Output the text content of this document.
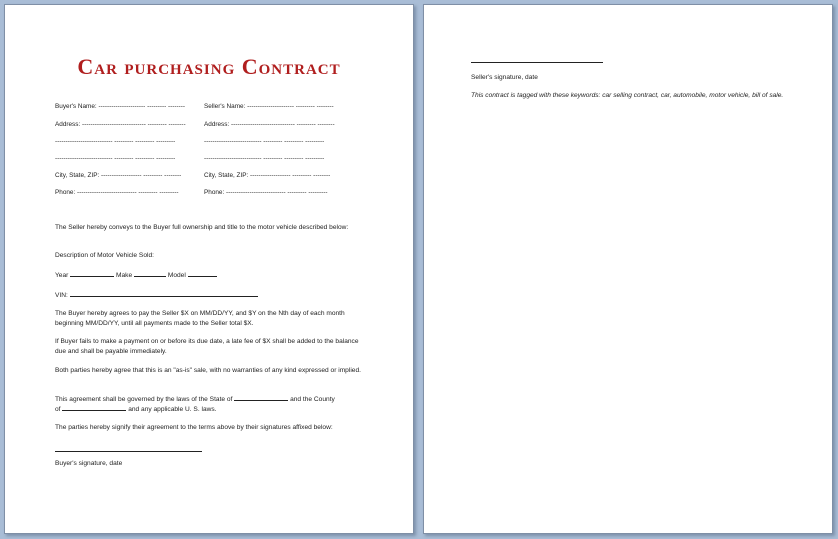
Car purchasing Contract
Buyer's Name: ---------------------- --------- --------
Address: ------------------------------ --------- --------
--------------------------- --------- --------- ---------
--------------------------- --------- --------- ---------
City, State, ZIP: ------------------- --------- --------
Phone: ---------------------------- --------- ---------
Seller's Name: ---------------------- --------- --------
Address: ------------------------------ --------- --------
--------------------------- --------- --------- ---------
--------------------------- --------- --------- ---------
City, State, ZIP: ------------------- --------- --------
Phone: ---------------------------- --------- ---------

The Seller hereby conveys to the Buyer full ownership and title to the motor vehicle described below:

Description of Motor Vehicle Sold:

Year	Make	Model

VIN:

The Buyer hereby agrees to pay the Seller $X on MM/DD/YY, and $Y on the Nth day of each month beginning MM/DD/YY, until all payments made to the Seller total $X.

If Buyer fails to make a payment on or before its due date, a late fee of $X shall be added to the balance due and shall be payable immediately.

Both parties hereby agree that this is an "as-is" sale, with no warranties of any kind expressed or implied.

This agreement shall be governed by the laws of the State of	and the County

of	and any applicable U. S. laws.

The parties hereby signify their agreement to the terms above by their signatures affixed below:

Buyer's signature, date
Seller's signature, date

This contract is tagged with these keywords: car selling contract, car, automobile, motor vehicle, bill of sale.
